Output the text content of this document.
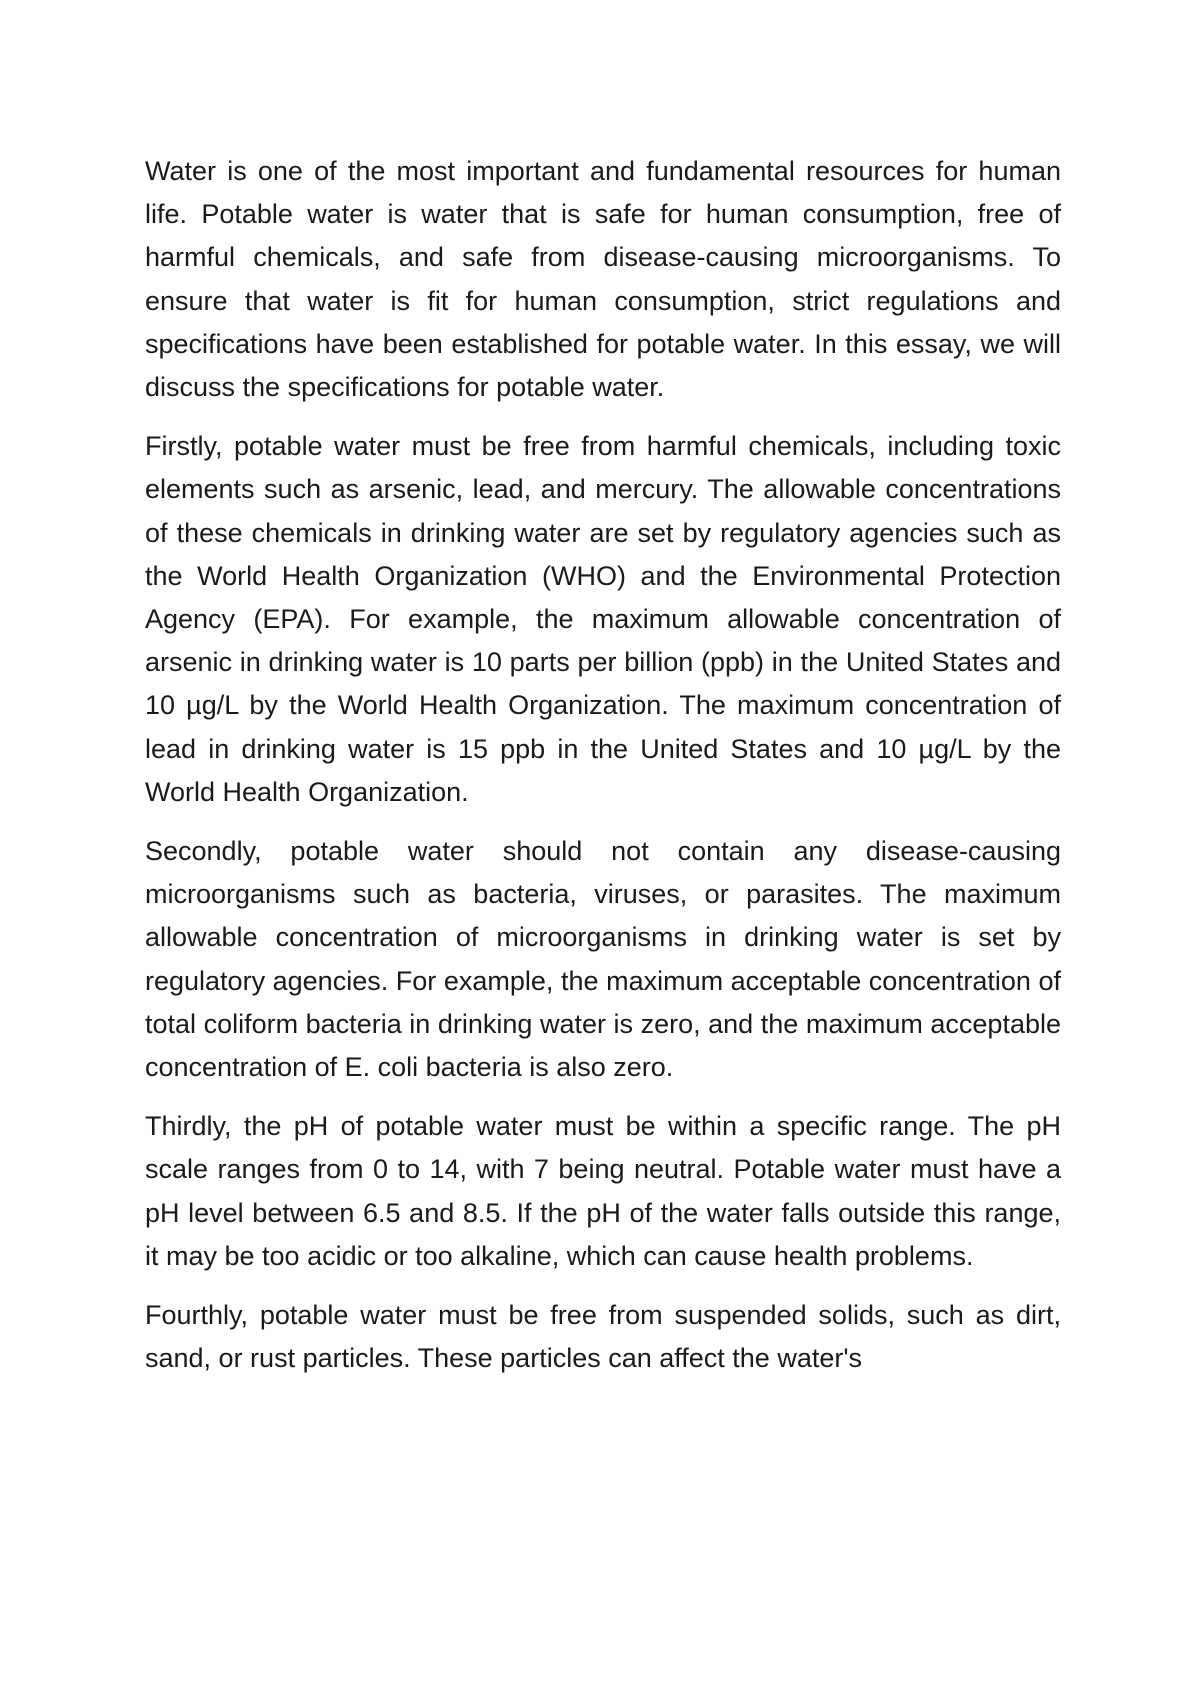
Water is one of the most important and fundamental resources for human life. Potable water is water that is safe for human consumption, free of harmful chemicals, and safe from disease-causing microorganisms. To ensure that water is fit for human consumption, strict regulations and specifications have been established for potable water. In this essay, we will discuss the specifications for potable water.

Firstly, potable water must be free from harmful chemicals, including toxic elements such as arsenic, lead, and mercury. The allowable concentrations of these chemicals in drinking water are set by regulatory agencies such as the World Health Organization (WHO) and the Environmental Protection Agency (EPA). For example, the maximum allowable concentration of arsenic in drinking water is 10 parts per billion (ppb) in the United States and 10 µg/L by the World Health Organization. The maximum concentration of lead in drinking water is 15 ppb in the United States and 10 µg/L by the World Health Organization.

Secondly, potable water should not contain any disease-causing microorganisms such as bacteria, viruses, or parasites. The maximum allowable concentration of microorganisms in drinking water is set by regulatory agencies. For example, the maximum acceptable concentration of total coliform bacteria in drinking water is zero, and the maximum acceptable concentration of E. coli bacteria is also zero.

Thirdly, the pH of potable water must be within a specific range. The pH scale ranges from 0 to 14, with 7 being neutral. Potable water must have a pH level between 6.5 and 8.5. If the pH of the water falls outside this range, it may be too acidic or too alkaline, which can cause health problems.

Fourthly, potable water must be free from suspended solids, such as dirt, sand, or rust particles. These particles can affect the water's
